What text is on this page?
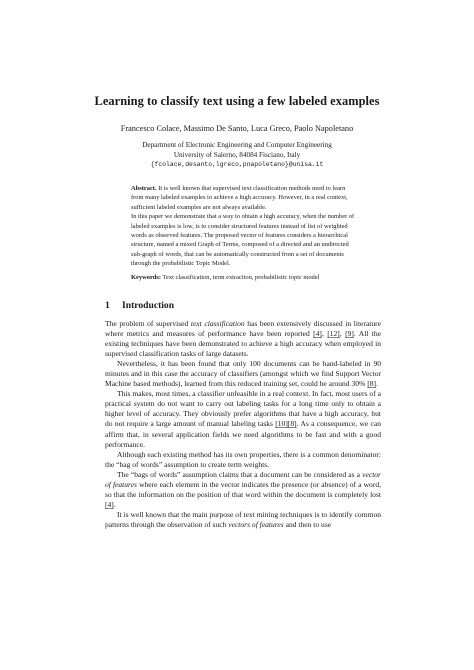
Learning to classify text using a few labeled examples
Francesco Colace, Massimo De Santo, Luca Greco, Paolo Napoletano
Department of Electronic Engineering and Computer Engineering
University of Salerno, 84084 Fisciano, Italy
{fcolace,desanto,lgreco,pnapoletano}@unisa.it

Abstract. It is well known that supervised text classification methods need to learn from many labeled examples to achieve a high accuracy. However, in a real context, sufficient labeled examples are not always available.

In this paper we demonstrate that a way to obtain a high accuracy, when the number of labeled examples is low, is to consider structured features instead of list of weighted words as observed features. The proposed vector of features considers a hierarchical structure, named a mixed Graph of Terms, composed of a directed and an undirected sub-graph of words, that can be automatically constructed from a set of documents through the probabilistic Topic Model.

Keywords: Text classification, term extraction, probabilistic topic model
1 Introduction

The problem of supervised text classification has been extensively discussed in literature where metrics and measures of performance have been reported [4], [12], [9]. All the existing techniques have been demonstrated to achieve a high accuracy when employed in supervised classification tasks of large datasets.

Nevertheless, it has been found that only 100 documents can be hand-labeled in 90 minutes and in this case the accuracy of classifiers (amongst which we find Support Vector Machine based methods), learned from this reduced training set, could be around 30% [8].

This makes, most times, a classifier unfeasible in a real context. In fact, most users of a practical system do not want to carry out labeling tasks for a long time only to obtain a higher level of accuracy. They obviously prefer algorithms that have a high accuracy, but do not require a large amount of manual labeling tasks [10][8]. As a consequence, we can affirm that, in several application fields we need algorithms to be fast and with a good performance.

Although each existing method has its own properties, there is a common denominator: the “bag of words” assumption to create term weights.

The “bags of words” assumption claims that a document can be considered as a vector of features where each element in the vector indicates the presence (or absence) of a word, so that the information on the position of that word within the document is completely lost [4].

It is well known that the main purpose of text mining techniques is to identify common patterns through the observation of such vectors of features and then to use
